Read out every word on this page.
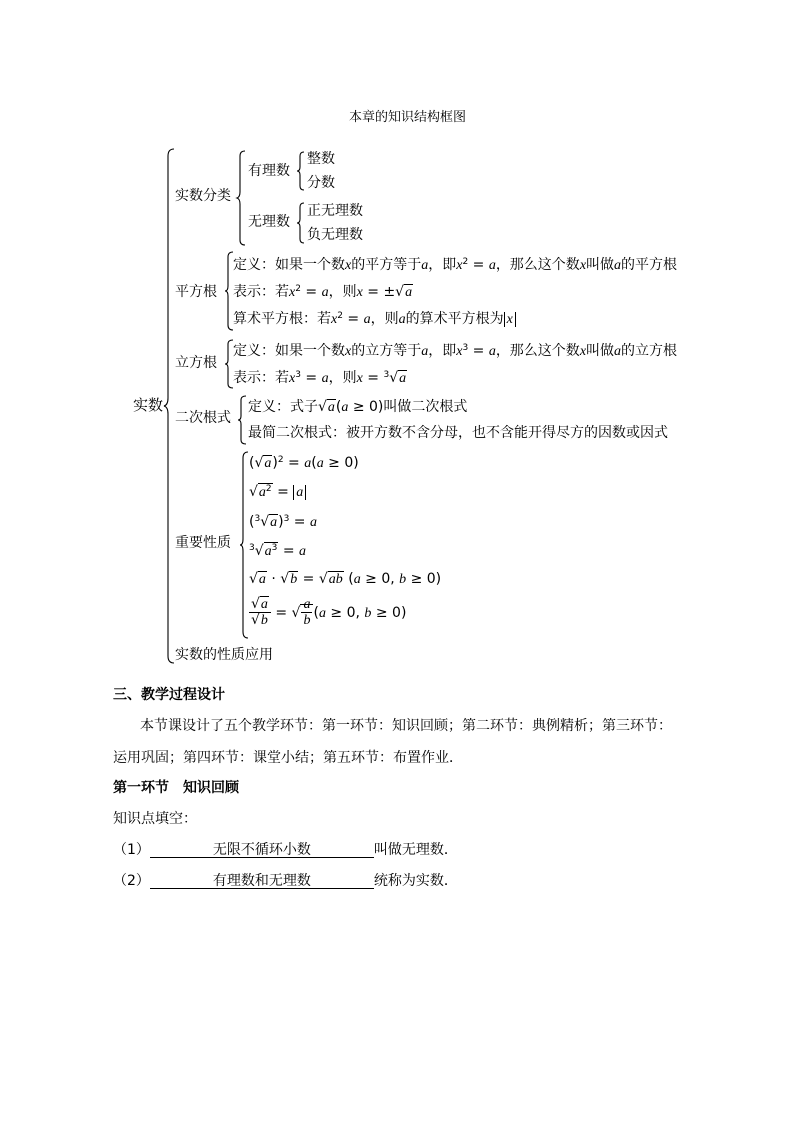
本章的知识结构框图
实数
实数分类
有理数
整数
分数
无理数
正无理数
负无理数
平方根
定义：如果一个数x的平方等于a，即$x^2 = a$，那么这个数x叫做a的平方根
表示：若$x^2 = a$，则x = ±√a
算术平方根：若$x^2 = a$，则a的算术平方根为 x
立方根
定义：如果一个数x的立方等于a，即$x^3 = a$，那么这个数x叫做a的立方根
表示：若$x^3 = a$，则x = $^3$√a
二次根式
定义：式子√a(a ≥ 0)叫做二次根式
最简二次根式：被开方数不含分母，也不含能开得尽方的因数或因式
重要性质
$(√a)^2 = a(a \ge 0)$
$√a^2 = a$
$(^3√a)^3 = a$
$^3√a^3 = a$
√a · √b = √ab (a ≥ 0, b ≥ 0)
$\frac{√a}{√b}$ = √ $\frac{a}{b} (a \ge 0$, b ≥ 0)
实数的性质应用
三、教学过程设计
本节课设计了五个教学环节：第一环节：知识回顾；第二环节：典例精析；第三环节：
运用巩固；第四环节：课堂小结；第五环节：布置作业．
第一环节　知识回顾
知识点填空：
（1）	无限不循环小数	叫做无理数．
（2）	有理数和无理数	统称为实数．
